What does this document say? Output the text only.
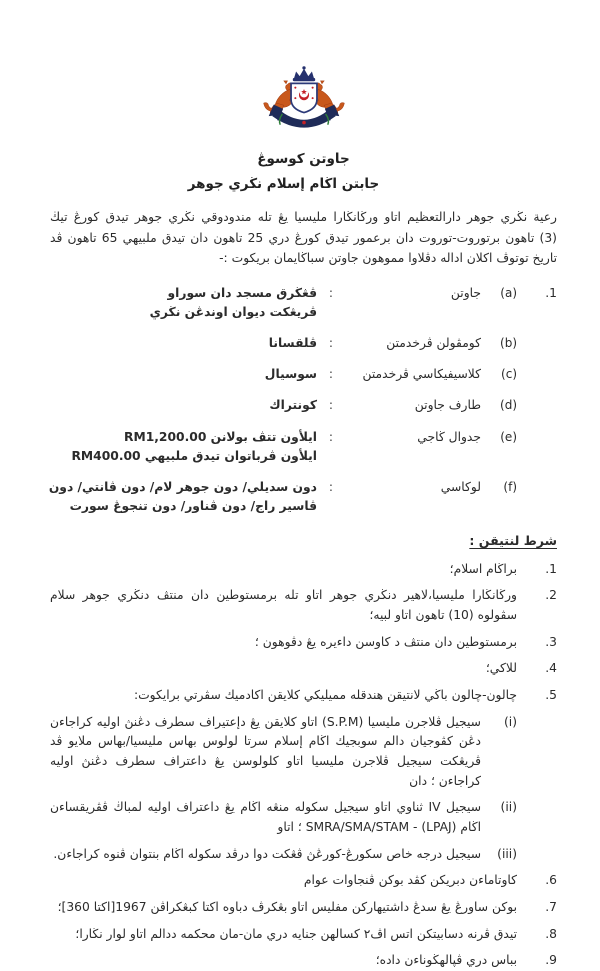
جاوتن كوسوڠ
جابتن اڬام إسلام نڬري جوهر
رعية نڬري جوهر دارالتعظيم اتاو ورڬانڬارا مليسيا يڠ تله مندودوقي نڬري جوهر تيدق كورڠ تيڬ
(3) تاهون برتوروت-توروت دان برعمور تيدق كورڠ دري 25 تاهون دان تيدق ملبيهي 65 تاهون ڤد
تاريخ توتوڤ اكلان اداله دڤلاوا مموهون جاوتن سباڬايمان بريكوت :-
1.
(a)
جاوتن
:
ڤڠڬرق مسجد دان سوراو
ڤريڠكت ديوان اوندڠن نڬري
(b)
كومڤولن ڤرخدمتن
:
ڤلقسانا
(c)
كلاسيفيكاسي ڤرخدمتن
:
سوسيال
(d)
طارف جاوتن
:
كونتراك
(e)
جدوال ڬاجي
:
ايلأون تتڤ بولانن RM1,200.00
ايلأون ڤرباتوان تيدق ملبيهي RM400.00
(f)
لوكاسي
:
دون سديلي/ دون جوهر لام/ دون ڤانتي/ دون
ڤاسير راج/ دون ڤناور/ دون تنجوڠ سورت
شرط لنتيقن :
1.
براڬام اسلام؛
2.
ورڬانڬارا مليسيا،لاهير دنڬري جوهر اتاو تله برمستوطين دان منتڤ دنڬري جوهر سلام سڤولوه (10) تاهون اتاو لبيه؛
3.
برمستوطين دان منتڤ د كاوسن داءيره يڠ دڤوهون ؛
4.
للاكي؛
5.
چالون-چالون باڬي لانتيقن هندقله مميليكي كلايقن اكادميك سڤرتي برايكوت:
(i)
سيجيل ڤلاجرن مليسيا (S.P.M) اتاو كلايقن يڠ دإعتيراف سطرف دڠنڽ اوليه كراجاءن دڠن كڤوجيان دالم سوبجيك اڬام إسلام سرتا لولوس بهاس مليسيا/بهاس ملايو ڤد ڤريڠكت سيجيل ڤلاجرن مليسيا اتاو كلولوسن يڠ داعتراف سطرف دڠنڽ اوليه كراجاءن ؛ دان
(ii)
سيجيل IV ثناوي اتاو سيجيل سكوله منڠه اڬام يڠ داعتراف اوليه لمباڬ ڤڤريقساءن اڬام (LPAJ) - SMRA/SMA/STAM ؛ اتاو
(iii)
سيجيل درجه خاص سكورڠ-كورڠڽ ڤڠكت دوا درڤد سكوله اڬام بنتوان ڤنوه كراجاءن.
6.
كاوتاماءن دبريكن كڤد بوكن ڤنجاوات عوام
7.
بوكن ساورڠ يڠ سدڠ داشتيهاركن مفليس اتاو بڠكرڤ دباوه اكتا كبڠكراڤن 1967[اكتا 360]؛
8.
تيدق ڤرنه دسابيتكن اتس اڤ٢ كسالهن جنايه دري مان-مان محكمه ددالم اتاو لوار نڬارا؛
9.
بباس دري ڤڽالهڬوناءن داده؛
